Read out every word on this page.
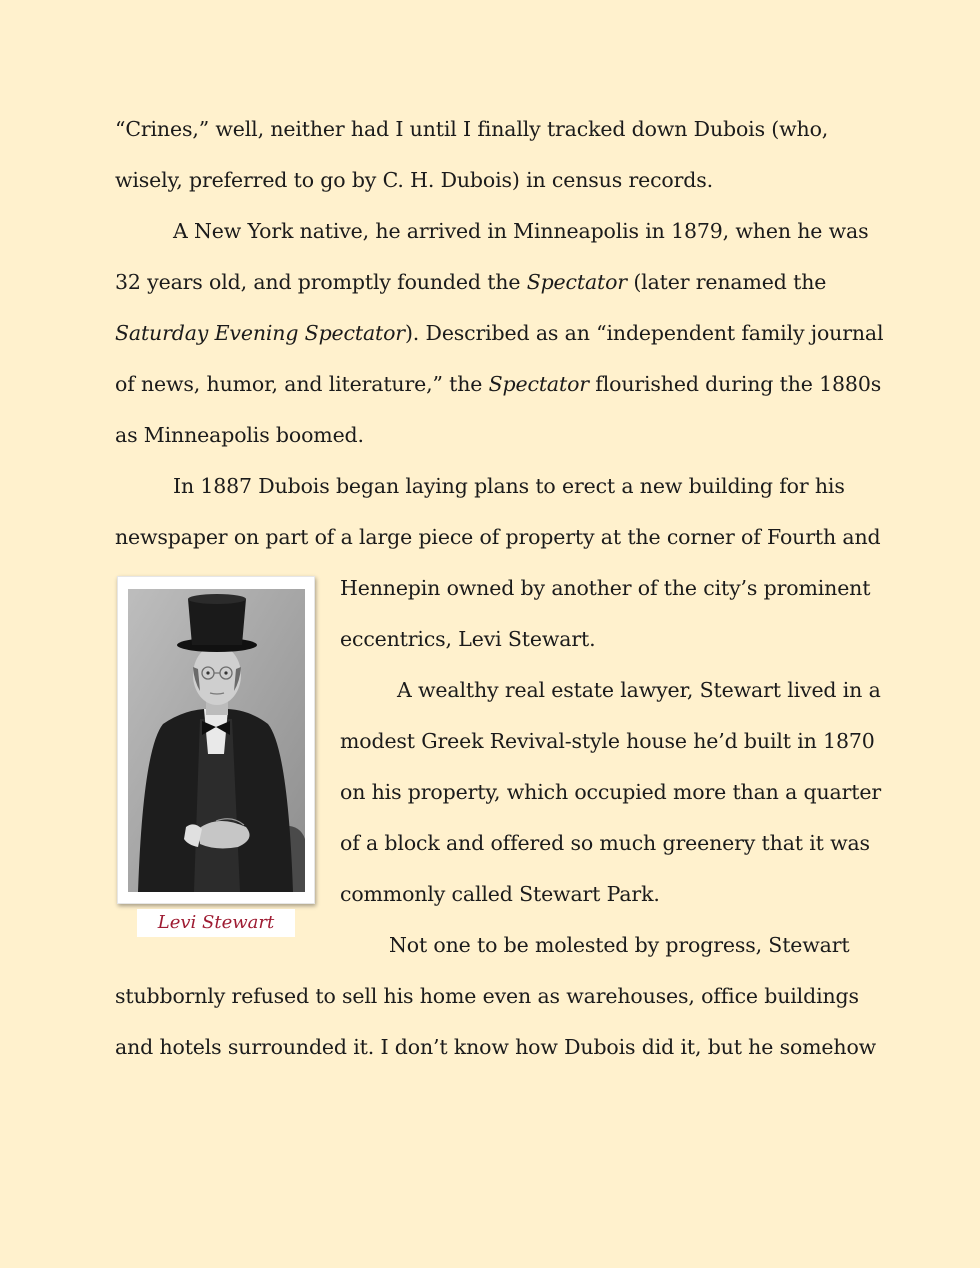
“Crines,” well, neither had I until I finally tracked down Dubois (who,
wisely, preferred to go by C. H. Dubois) in census records.
A New York native, he arrived in Minneapolis in 1879, when he was
32 years old, and promptly founded the Spectator (later renamed the
Saturday Evening Spectator). Described as an “independent family journal
of news, humor, and literature,” the Spectator flourished during the 1880s
as Minneapolis boomed.
In 1887 Dubois began laying plans to erect a new building for his
newspaper on part of a large piece of property at the corner of Fourth and
Hennepin owned by another of the city’s prominent
eccentrics, Levi Stewart.
A wealthy real estate lawyer, Stewart lived in a
modest Greek Revival-style house he’d built in 1870
on his property, which occupied more than a quarter
of a block and offered so much greenery that it was
commonly called Stewart Park.
Not one to be molested by progress, Stewart
stubbornly refused to sell his home even as warehouses, office buildings
and hotels surrounded it. I don’t know how Dubois did it, but he somehow
Levi Stewart
